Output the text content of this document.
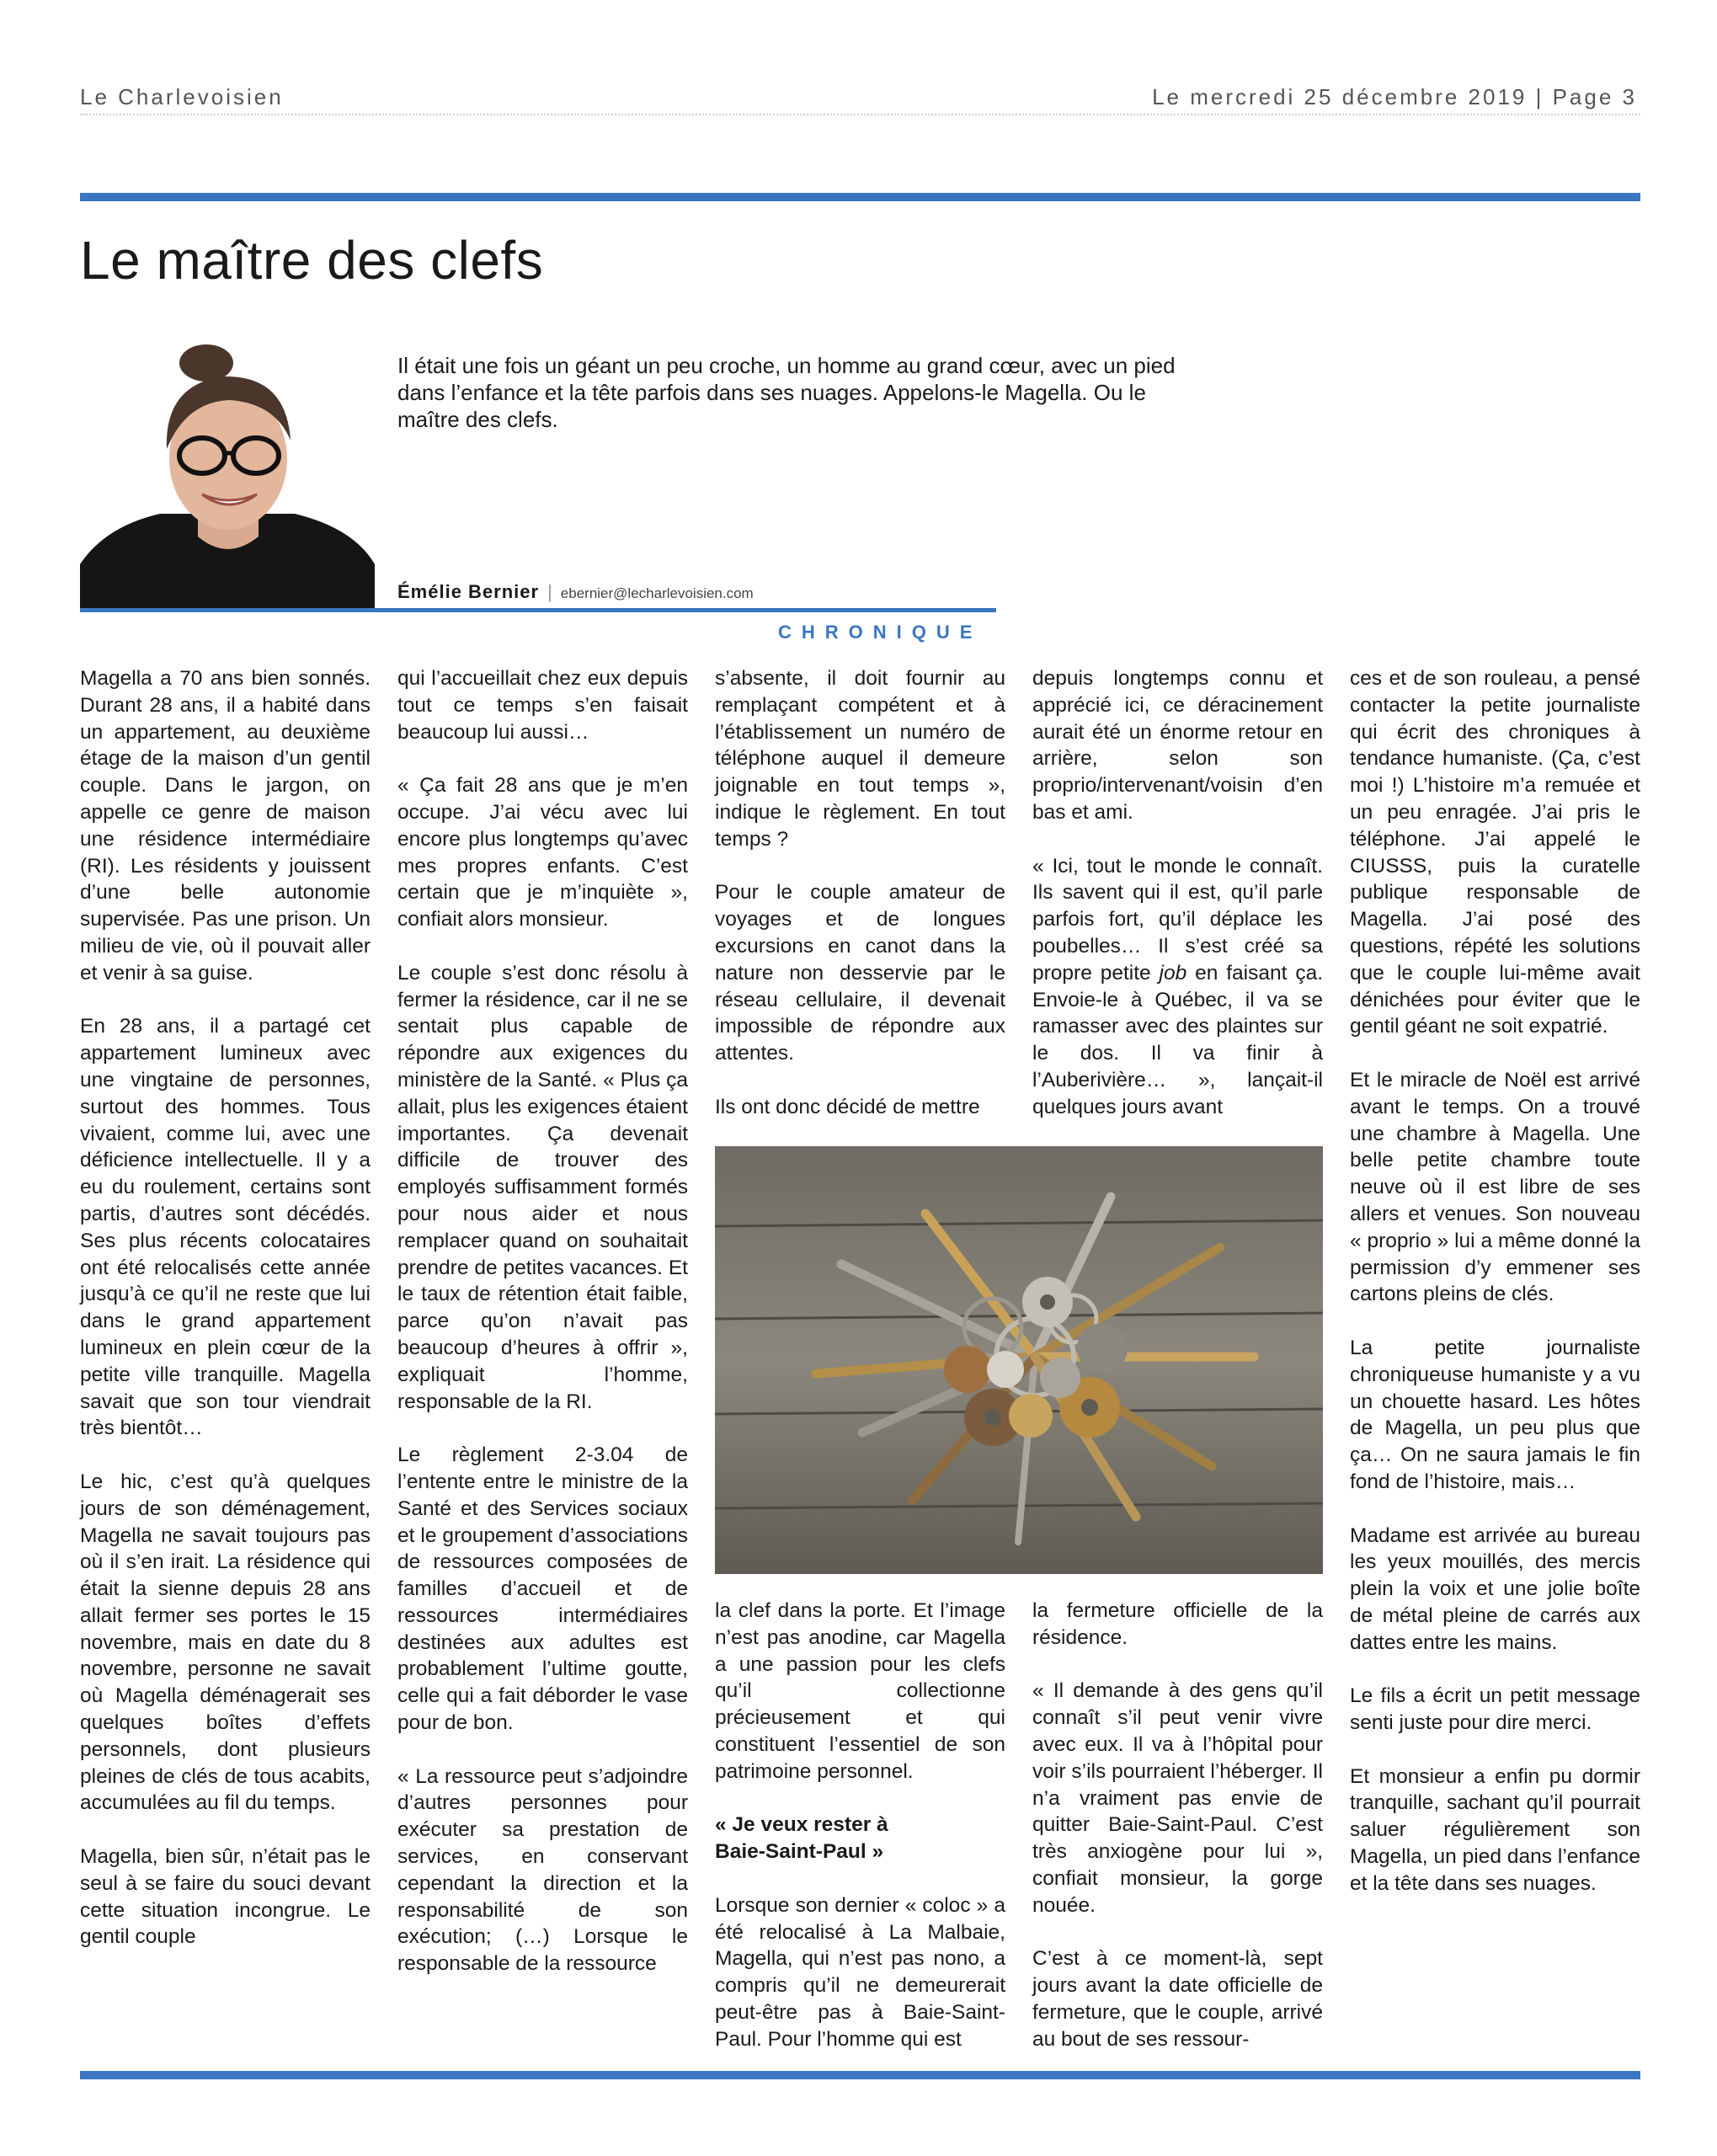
Le Charlevoisien	Le mercredi 25 décembre 2019 | Page 3
Le maître des clefs

Il était une fois un géant un peu croche, un homme au grand cœur, avec un pied dans l’enfance et la tête parfois dans ses nuages. Appelons-le Magella. Ou le maître des clefs.

Émélie Bernier | ebernier@lecharlevoisien.com
CHRONIQUE

Magella a 70 ans bien sonnés. Durant 28 ans, il a habité dans un appartement, au deuxième étage de la maison d’un gentil couple. Dans le jargon, on appelle ce genre de maison une résidence intermédiaire (RI). Les résidents y jouissent d’une belle autonomie supervisée. Pas une prison. Un milieu de vie, où il pouvait aller et venir à sa guise.

En 28 ans, il a partagé cet appartement lumineux avec une vingtaine de personnes, surtout des hommes. Tous vivaient, comme lui, avec une déficience intellectuelle. Il y a eu du roulement, certains sont partis, d’autres sont décédés. Ses plus récents colocataires ont été relocalisés cette année jusqu’à ce qu’il ne reste que lui dans le grand appartement lumineux en plein cœur de la petite ville tranquille. Magella savait que son tour viendrait très bientôt…

Le hic, c’est qu’à quelques jours de son déménagement, Magella ne savait toujours pas où il s’en irait. La résidence qui était la sienne depuis 28 ans allait fermer ses portes le 15 novembre, mais en date du 8 novembre, personne ne savait où Magella déménagerait ses quelques boîtes d’effets personnels, dont plusieurs pleines de clés de tous acabits, accumulées au fil du temps.

Magella, bien sûr, n’était pas le seul à se faire du souci devant cette situation incongrue. Le gentil couple

qui l’accueillait chez eux depuis tout ce temps s’en faisait beaucoup lui aussi…

« Ça fait 28 ans que je m’en occupe. J’ai vécu avec lui encore plus longtemps qu’avec mes propres enfants. C’est certain que je m’inquiète », confiait alors monsieur.

Le couple s’est donc résolu à fermer la résidence, car il ne se sentait plus capable de répondre aux exigences du ministère de la Santé. « Plus ça allait, plus les exigences étaient importantes. Ça devenait difficile de trouver des employés suffisamment formés pour nous aider et nous remplacer quand on souhaitait prendre de petites vacances. Et le taux de rétention était faible, parce qu’on n’avait pas beaucoup d’heures à offrir », expliquait l’homme, responsable de la RI.

Le règlement 2-3.04 de l’entente entre le ministre de la Santé et des Services sociaux et le groupement d’associations de ressources composées de familles d’accueil et de ressources intermédiaires destinées aux adultes est probablement l’ultime goutte, celle qui a fait déborder le vase pour de bon.

« La ressource peut s’adjoindre d’autres personnes pour exécuter sa prestation de services, en conservant cependant la direction et la responsabilité de son exécution; (…) Lorsque le responsable de la ressource

s’absente, il doit fournir au remplaçant compétent et à l’établissement un numéro de téléphone auquel il demeure joignable en tout temps », indique le règlement. En tout temps ?

Pour le couple amateur de voyages et de longues excursions en canot dans la nature non desservie par le réseau cellulaire, il devenait impossible de répondre aux attentes.

Ils ont donc décidé de mettre

depuis longtemps connu et apprécié ici, ce déracinement aurait été un énorme retour en arrière, selon son proprio/intervenant/voisin d’en bas et ami.

« Ici, tout le monde le connaît. Ils savent qui il est, qu’il parle parfois fort, qu’il déplace les poubelles… Il s’est créé sa propre petite job en faisant ça. Envoie-le à Québec, il va se ramasser avec des plaintes sur le dos. Il va finir à l’Auberivière… », lançait-il quelques jours avant

la clef dans la porte. Et l’image n’est pas anodine, car Magella a une passion pour les clefs qu’il collectionne précieusement et qui constituent l’essentiel de son patrimoine personnel.

« Je veux rester à
Baie-Saint-Paul »

Lorsque son dernier « coloc » a été relocalisé à La Malbaie, Magella, qui n’est pas nono, a compris qu’il ne demeurerait peut-être pas à Baie-Saint-Paul. Pour l’homme qui est

la fermeture officielle de la résidence.

« Il demande à des gens qu’il connaît s’il peut venir vivre avec eux. Il va à l’hôpital pour voir s’ils pourraient l’héberger. Il n’a vraiment pas envie de quitter Baie-Saint-Paul. C’est très anxiogène pour lui », confiait monsieur, la gorge nouée.

C’est à ce moment-là, sept jours avant la date officielle de fermeture, que le couple, arrivé au bout de ses ressour-

ces et de son rouleau, a pensé contacter la petite journaliste qui écrit des chroniques à tendance humaniste. (Ça, c’est moi !) L’histoire m’a remuée et un peu enragée. J’ai pris le téléphone. J’ai appelé le CIUSSS, puis la curatelle publique responsable de Magella. J’ai posé des questions, répété les solutions que le couple lui-même avait dénichées pour éviter que le gentil géant ne soit expatrié.

Et le miracle de Noël est arrivé avant le temps. On a trouvé une chambre à Magella. Une belle petite chambre toute neuve où il est libre de ses allers et venues. Son nouveau « proprio » lui a même donné la permission d’y emmener ses cartons pleins de clés.

La petite journaliste chroniqueuse humaniste y a vu un chouette hasard. Les hôtes de Magella, un peu plus que ça… On ne saura jamais le fin fond de l’histoire, mais…

Madame est arrivée au bureau les yeux mouillés, des mercis plein la voix et une jolie boîte de métal pleine de carrés aux dattes entre les mains.

Le fils a écrit un petit message senti juste pour dire merci.

Et monsieur a enfin pu dormir tranquille, sachant qu’il pourrait saluer régulièrement son Magella, un pied dans l’enfance et la tête dans ses nuages.
